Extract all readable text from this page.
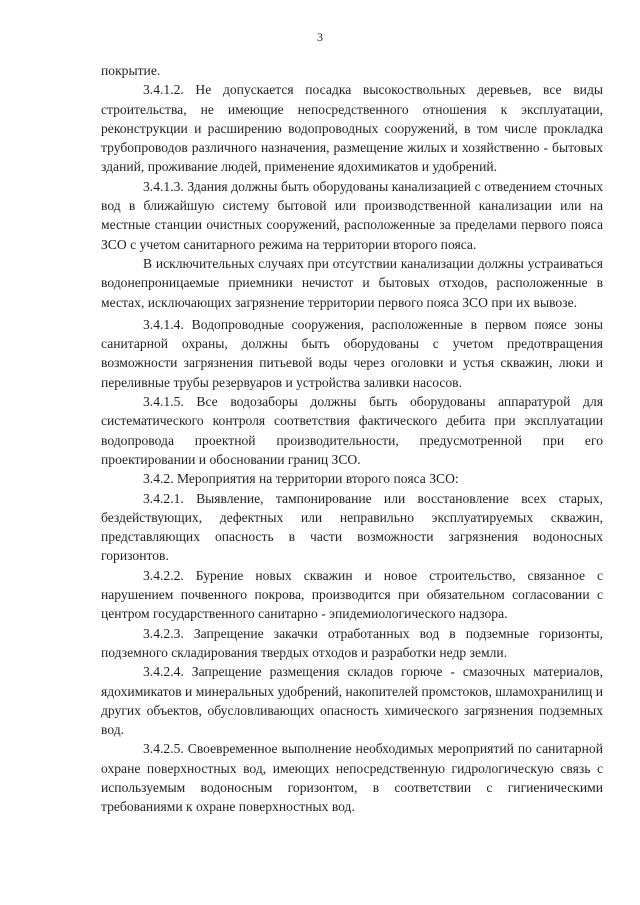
3

покрытие.

3.4.1.2. Не допускается посадка высокоствольных деревьев, все виды строительства, не имеющие непосредственного отношения к эксплуатации, реконструкции и расширению водопроводных сооружений, в том числе прокладка трубопроводов различного назначения, размещение жилых и хозяйственно - бытовых зданий, проживание людей, применение ядохимикатов и удобрений.

3.4.1.3. Здания должны быть оборудованы канализацией с отведением сточных вод в ближайшую систему бытовой или производственной канализации или на местные станции очистных сооружений, расположенные за пределами первого пояса ЗСО с учетом санитарного режима на территории второго пояса.

В исключительных случаях при отсутствии канализации должны устраиваться водонепроницаемые приемники нечистот и бытовых отходов, расположенные в местах, исключающих загрязнение территории первого пояса ЗСО при их вывозе.

3.4.1.4. Водопроводные сооружения, расположенные в первом поясе зоны санитарной охраны, должны быть оборудованы с учетом предотвращения возможности загрязнения питьевой воды через оголовки и устья скважин, люки и переливные трубы резервуаров и устройства заливки насосов.

3.4.1.5. Все водозаборы должны быть оборудованы аппаратурой для систематического контроля соответствия фактического дебита при эксплуатации водопровода проектной производительности, предусмотренной при его проектировании и обосновании границ ЗСО.

3.4.2. Мероприятия на территории второго пояса ЗСО:

3.4.2.1. Выявление, тампонирование или восстановление всех старых, бездействующих, дефектных или неправильно эксплуатируемых скважин, представляющих опасность в части возможности загрязнения водоносных горизонтов.

3.4.2.2. Бурение новых скважин и новое строительство, связанное с нарушением почвенного покрова, производится при обязательном согласовании с центром государственного санитарно - эпидемиологического надзора.

3.4.2.3. Запрещение закачки отработанных вод в подземные горизонты, подземного складирования твердых отходов и разработки недр земли.

3.4.2.4. Запрещение размещения складов горюче - смазочных материалов, ядохимикатов и минеральных удобрений, накопителей промстоков, шламохранилищ и других объектов, обусловливающих опасность химического загрязнения подземных вод.

3.4.2.5. Своевременное выполнение необходимых мероприятий по санитарной охране поверхностных вод, имеющих непосредственную гидрологическую связь с используемым водоносным горизонтом, в соответствии с гигиеническими требованиями к охране поверхностных вод.
